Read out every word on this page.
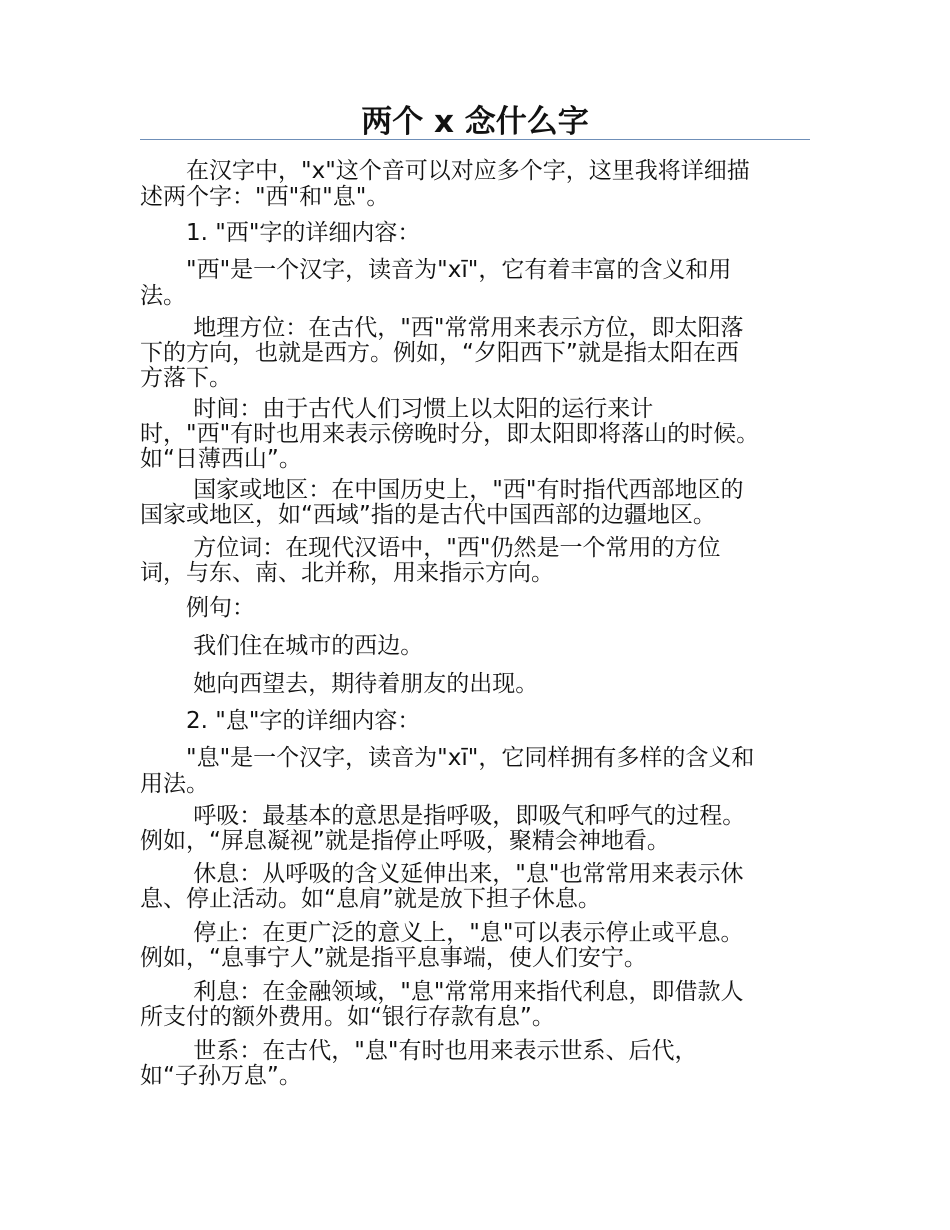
两个 x 念什么字

　　在汉字中，"x"这个音可以对应多个字，这里我将详细描
述两个字："西"和"息"。

　　1. "西"字的详细内容：

　　"西"是一个汉字，读音为"xī"，它有着丰富的含义和用
法。

　　 地理方位：在古代，"西"常常用来表示方位，即太阳落
下的方向，也就是西方。例如，“夕阳西下”就是指太阳在西
方落下。

　　 时间：由于古代人们习惯上以太阳的运行来计
时，"西"有时也用来表示傍晚时分，即太阳即将落山的时候。
如“日薄西山”。

　　 国家或地区：在中国历史上，"西"有时指代西部地区的
国家或地区，如“西域”指的是古代中国西部的边疆地区。

　　 方位词：在现代汉语中，"西"仍然是一个常用的方位
词，与东、南、北并称，用来指示方向。

　　例句：

　　 我们住在城市的西边。

　　 她向西望去，期待着朋友的出现。

　　2. "息"字的详细内容：

　　"息"是一个汉字，读音为"xī"，它同样拥有多样的含义和
用法。

　　 呼吸：最基本的意思是指呼吸，即吸气和呼气的过程。
例如，“屏息凝视”就是指停止呼吸，聚精会神地看。

　　 休息：从呼吸的含义延伸出来，"息"也常常用来表示休
息、停止活动。如“息肩”就是放下担子休息。

　　 停止：在更广泛的意义上，"息"可以表示停止或平息。
例如，“息事宁人”就是指平息事端，使人们安宁。

　　 利息：在金融领域，"息"常常用来指代利息，即借款人
所支付的额外费用。如“银行存款有息”。

　　 世系：在古代，"息"有时也用来表示世系、后代，
如“子孙万息”。
